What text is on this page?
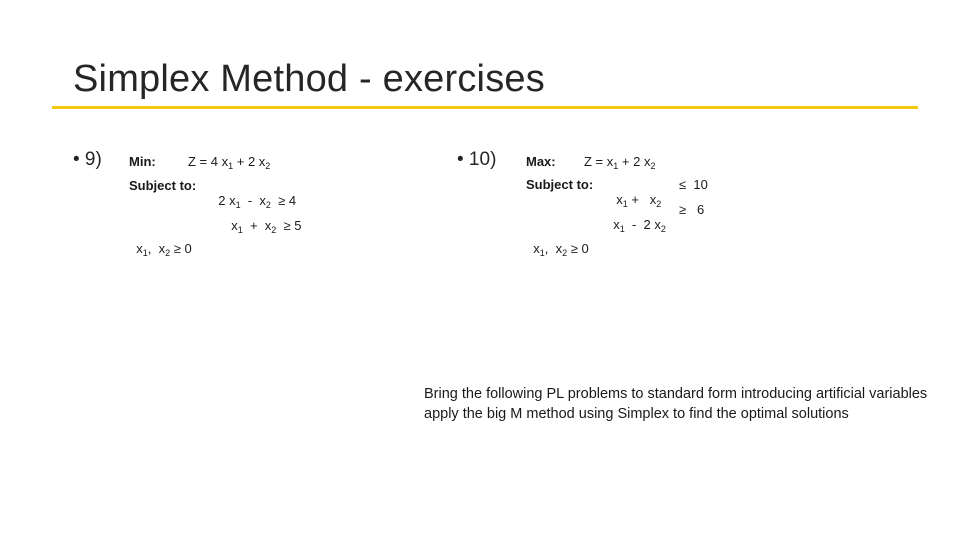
Simplex Method - exercises
• 9) Min: Z = 4 $x_1 + 2$ $x_2$
Subject to:

2 $x_1 - x_2 \ge 4$

$x_1 + x_2 \ge 5$

$x_1$,  $x_2 \ge 0$

• 10) Max: $Z = x_1 + 2$ $x_2$
Subject to:

$x_1 + x_2$

≤  10

$x_1 - 2$ $x_2$

≥   6

$x_1$,  $x_2 \ge 0$

Bring the following PL problems to standard form introducing artificial variables apply the big M method using Simplex to find the optimal solutions
